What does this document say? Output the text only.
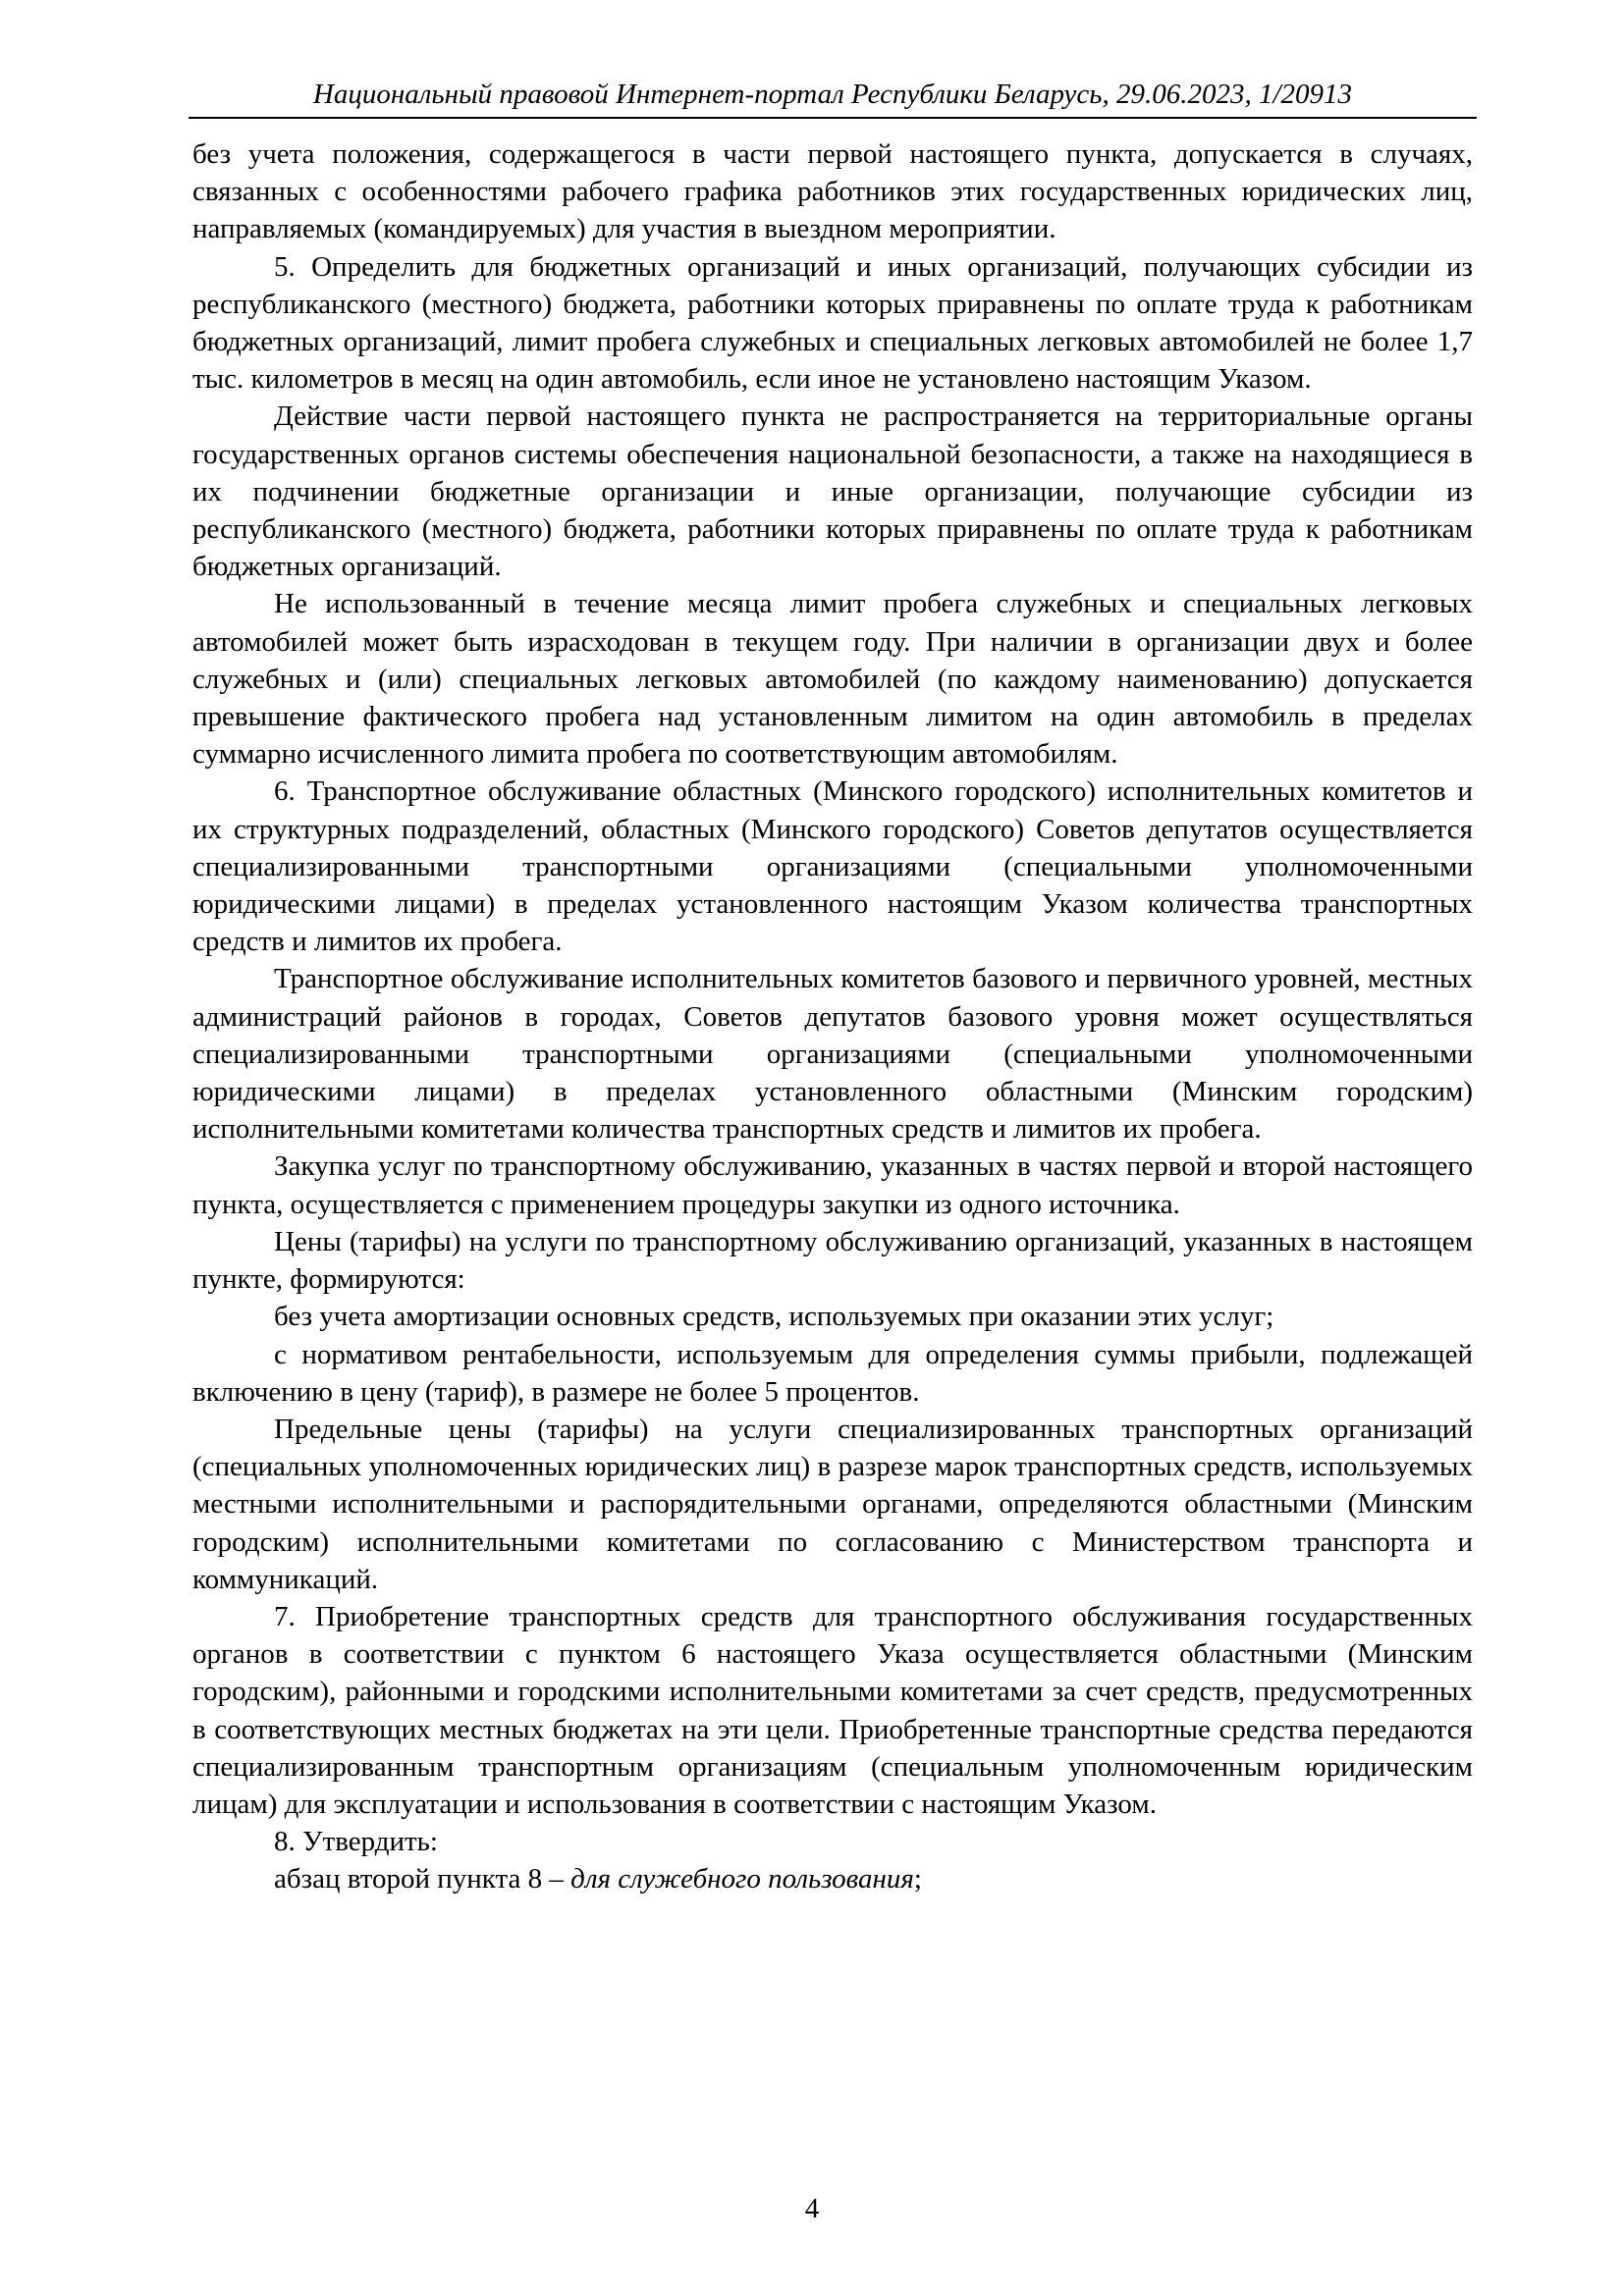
Национальный правовой Интернет-портал Республики Беларусь, 29.06.2023, 1/20913

без учета положения, содержащегося в части первой настоящего пункта, допускается в случаях, связанных с особенностями рабочего графика работников этих государственных юридических лиц, направляемых (командируемых) для участия в выездном мероприятии.

5. Определить для бюджетных организаций и иных организаций, получающих субсидии из республиканского (местного) бюджета, работники которых приравнены по оплате труда к работникам бюджетных организаций, лимит пробега служебных и специальных легковых автомобилей не более 1,7 тыс. километров в месяц на один автомобиль, если иное не установлено настоящим Указом.

Действие части первой настоящего пункта не распространяется на территориальные органы государственных органов системы обеспечения национальной безопасности, а также на находящиеся в их подчинении бюджетные организации и иные организации, получающие субсидии из республиканского (местного) бюджета, работники которых приравнены по оплате труда к работникам бюджетных организаций.

Не использованный в течение месяца лимит пробега служебных и специальных легковых автомобилей может быть израсходован в текущем году. При наличии в организации двух и более служебных и (или) специальных легковых автомобилей (по каждому наименованию) допускается превышение фактического пробега над установленным лимитом на один автомобиль в пределах суммарно исчисленного лимита пробега по соответствующим автомобилям.

6. Транспортное обслуживание областных (Минского городского) исполнительных комитетов и их структурных подразделений, областных (Минского городского) Советов депутатов осуществляется специализированными транспортными организациями (специальными уполномоченными юридическими лицами) в пределах установленного настоящим Указом количества транспортных средств и лимитов их пробега.

Транспортное обслуживание исполнительных комитетов базового и первичного уровней, местных администраций районов в городах, Советов депутатов базового уровня может осуществляться специализированными транспортными организациями (специальными уполномоченными юридическими лицами) в пределах установленного областными (Минским городским) исполнительными комитетами количества транспортных средств и лимитов их пробега.

Закупка услуг по транспортному обслуживанию, указанных в частях первой и второй настоящего пункта, осуществляется с применением процедуры закупки из одного источника.

Цены (тарифы) на услуги по транспортному обслуживанию организаций, указанных в настоящем пункте, формируются:

без учета амортизации основных средств, используемых при оказании этих услуг;

с нормативом рентабельности, используемым для определения суммы прибыли, подлежащей включению в цену (тариф), в размере не более 5 процентов.

Предельные цены (тарифы) на услуги специализированных транспортных организаций (специальных уполномоченных юридических лиц) в разрезе марок транспортных средств, используемых местными исполнительными и распорядительными органами, определяются областными (Минским городским) исполнительными комитетами по согласованию с Министерством транспорта и коммуникаций.

7. Приобретение транспортных средств для транспортного обслуживания государственных органов в соответствии с пунктом 6 настоящего Указа осуществляется областными (Минским городским), районными и городскими исполнительными комитетами за счет средств, предусмотренных в соответствующих местных бюджетах на эти цели. Приобретенные транспортные средства передаются специализированным транспортным организациям (специальным уполномоченным юридическим лицам) для эксплуатации и использования в соответствии с настоящим Указом.

8. Утвердить:

абзац второй пункта 8 – для служебного пользования;

4
